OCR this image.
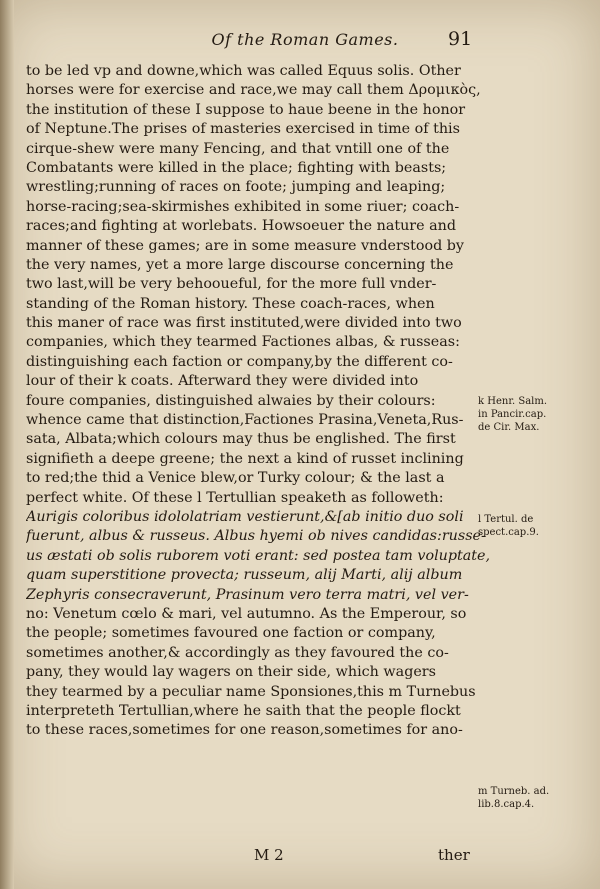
Of the Roman Games.	91
to be led vp and downe,which was called Equus solis. Other
horses were for exercise and race,we may call them Δρομικὸς,
the institution of these I suppose to haue beene in the honor
of Neptune.The prises of masteries exercised in time of this
cirque-shew were many Fencing, and that vntill one of the
Combatants were killed in the place; fighting with beasts;
wrestling;running of races on foote; jumping and leaping;
horse-racing;sea-skirmishes exhibited in some riuer; coach-
races;and fighting at worlebats. Howsoeuer the nature and
manner of these games; are in some measure vnderstood by
the very names, yet a more large discourse concerning the
two last,will be very behooueful, for the more full vnder-
standing of the Roman history. These coach-races, when
this maner of race was first instituted,were divided into two
companies, which they tearmed Factiones albas, & russeas:
distinguishing each faction or company,by the different co-
lour of their k coats. Afterward they were divided into
foure companies, distinguished alwaies by their colours:
whence came that distinction,Factiones Prasina,Veneta,Rus-
sata, Albata;which colours may thus be englished. The first
signifieth a deepe greene; the next a kind of russet inclining
to red;the thid a Venice blew,or Turky colour; & the last a
perfect white. Of these l Tertullian speaketh as followeth:
Aurigis coloribus idololatriam vestierunt,&[ab initio duo soli
fuerunt, albus & russeus. Albus hyemi ob nives candidas:russe-
us æstati ob solis ruborem voti erant: sed postea tam voluptate,
quam superstitione provecta; russeum, alij Marti, alij album
Zephyris consecraverunt, Prasinum vero terra matri, vel ver-
no: Venetum cœlo & mari, vel autumno. As the Emperour, so
the people; sometimes favoured one faction or company,
sometimes another,& accordingly as they favoured the co-
pany, they would lay wagers on their side, which wagers
they tearmed by a peculiar name Sponsiones,this m Turnebus
interpreteth Tertullian,where he saith that the people flockt
to these races,sometimes for one reason,sometimes for ano-
k Henr. Salm.
in Pancir.cap.
de Cir. Max.
l Tertul. de
spect.cap.9.
m Turneb. ad.
lib.8.cap.4.
M 2	ther
